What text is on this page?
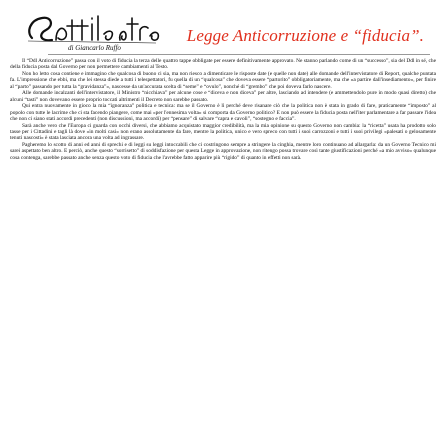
di Giancarlo Ruffo
Legge Anticorruzione e “fiducia”.

Il “Ddl Anticorruzione” passa con il voto di fiducia la terza delle quattro tappe obbligate per essere definitivamente approvato. Ne stanno parlando come di un “successo”, sia del Ddl in sé, che della fiducia posta dal Governo per non permettere cambiamenti al Testo.

Non ho letto cosa contiene e immagino che qualcosa di buono ci sia, ma non riesco a dimenticare le risposte date (e quelle non date) alle domande dell'intervistatore di Report, qualche puntata fa. L'impressione che ebbi, ma che lei stessa diede a tutti i telespettatori, fu quella di un “qualcosa” che doveva essere “partorito” obbligatoriamente, ma che «a partire dall'insediamento», per finire al “parto” passando per tutta la “gravidanza”», nascesse da un'accurata scelta di “seme” e “ovulo”, nonché di “grembo” che poi doveva farlo nascere.

Alle domande incalzanti dell'intervistatore, il Ministro “nicchiava” per alcune cose e “diceva e non diceva” per altre, lasciando ad intendere (e ammettendolo pure in modo quasi diretto) che alcuni “tasti” non dovevano essere proprio toccati altrimenti il Decreto non sarebbe passato.

Qui entra nuovamente in gioco la mia “ignoranza” politica e tecnica: ma se il Governo è lì perché deve risanare ciò che la politica non è stata in grado di fare, praticamente “imposto” al popolo con tutte le lacrime che ci sta facendo piangere, come mai «per l'ennesima volta» si comporta da Governo politico? E non può essere la fiducia posta nell'iter parlamentare a far passare l'idea che non ci siano stati accordi precedenti (non discussioni, ma accordi) per “pensare” di salvare “capra e cavoli”, “sostegno e faccia”.

Sarà anche vero che l'Europa ci guarda con occhi diversi, che abbiamo acquistato maggior credibilità, ma la mia opinione su questo Governo non cambia: la “ricetta” usata ha prodotto solo tasse per i Cittadini e tagli là dove «in molti casi» non erano assolutamente da fare, mentre la politica, unico e vero spreco con tutti i suoi carrozzoni e tutti i suoi privilegi «palesati o gelosamente tenuti nascosti» è stata lasciata ancora una volta ad ingrassare.

Pagheremo lo scotto di anni ed anni di sprechi e di leggi su leggi intoccabili che ci costringono sempre a stringere la cinghia, mentre loro continuano ad allargarla: da un Governo Tecnico mi sarei aspettato ben altro. E perciò, anche questo “sorrisetto” di soddisfazione per questa Legge in approvazione, non ritengo possa trovare così tante giustificazioni perché «a mio avviso» qualunque cosa contenga, sarebbe passato anche senza questo voto di fiducia che l'avrebbe fatto apparire più “rigido” di quanto in effetti non sarà.
